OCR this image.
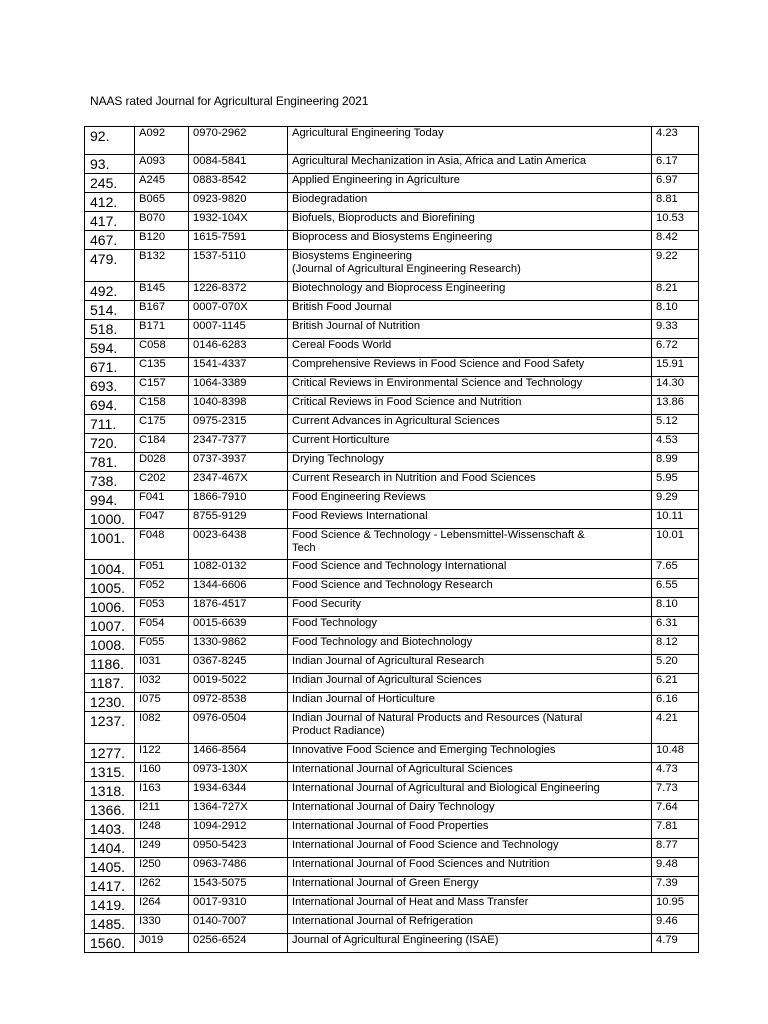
NAAS rated Journal for Agricultural Engineering 2021
92.	A092	0970-2962	Agricultural Engineering Today	4.23
93.	A093	0084-5841	Agricultural Mechanization in Asia, Africa and Latin America	6.17
245.	A245	0883-8542	Applied Engineering in Agriculture	6.97
412.	B065	0923-9820	Biodegradation	8.81
417.	B070	1932-104X	Biofuels, Bioproducts and Biorefining	10.53
467.	B120	1615-7591	Bioprocess and Biosystems Engineering	8.42
479.	B132	1537-5110	Biosystems Engineering
(Journal of Agricultural Engineering Research)	9.22
492.	B145	1226-8372	Biotechnology and Bioprocess Engineering	8.21
514.	B167	0007-070X	British Food Journal	8.10
518.	B171	0007-1145	British Journal of Nutrition	9.33
594.	C058	0146-6283	Cereal Foods World	6.72
671.	C135	1541-4337	Comprehensive Reviews in Food Science and Food Safety	15.91
693.	C157	1064-3389	Critical Reviews in Environmental Science and Technology	14.30
694.	C158	1040-8398	Critical Reviews in Food Science and Nutrition	13.86
711.	C175	0975-2315	Current Advances in Agricultural Sciences	5.12
720.	C184	2347-7377	Current Horticulture	4.53
781.	D028	0737-3937	Drying Technology	8.99
738.	C202	2347-467X	Current Research in Nutrition and Food Sciences	5.95
994.	F041	1866-7910	Food Engineering Reviews	9.29
1000.	F047	8755-9129	Food Reviews International	10.11
1001.	F048	0023-6438	Food Science & Technology - Lebensmittel-Wissenschaft &
Tech	10.01
1004.	F051	1082-0132	Food Science and Technology International	7.65
1005.	F052	1344-6606	Food Science and Technology Research	6.55
1006.	F053	1876-4517	Food Security	8.10
1007.	F054	0015-6639	Food Technology	6.31
1008.	F055	1330-9862	Food Technology and Biotechnology	8.12
1186.	I031	0367-8245	Indian Journal of Agricultural Research	5.20
1187.	I032	0019-5022	Indian Journal of Agricultural Sciences	6.21
1230.	I075	0972-8538	Indian Journal of Horticulture	6.16
1237.	I082	0976-0504	Indian Journal of Natural Products and Resources (Natural
Product Radiance)	4.21
1277.	I122	1466-8564	Innovative Food Science and Emerging Technologies	10.48
1315.	I160	0973-130X	International Journal of Agricultural Sciences	4.73
1318.	I163	1934-6344	International Journal of Agricultural and Biological Engineering	7.73
1366.	I211	1364-727X	International Journal of Dairy Technology	7.64
1403.	I248	1094-2912	International Journal of Food Properties	7.81
1404.	I249	0950-5423	International Journal of Food Science and Technology	8.77
1405.	I250	0963-7486	International Journal of Food Sciences and Nutrition	9.48
1417.	I262	1543-5075	International Journal of Green Energy	7.39
1419.	I264	0017-9310	International Journal of Heat and Mass Transfer	10.95
1485.	I330	0140-7007	International Journal of Refrigeration	9.46
1560.	J019	0256-6524	Journal of Agricultural Engineering (ISAE)	4.79
